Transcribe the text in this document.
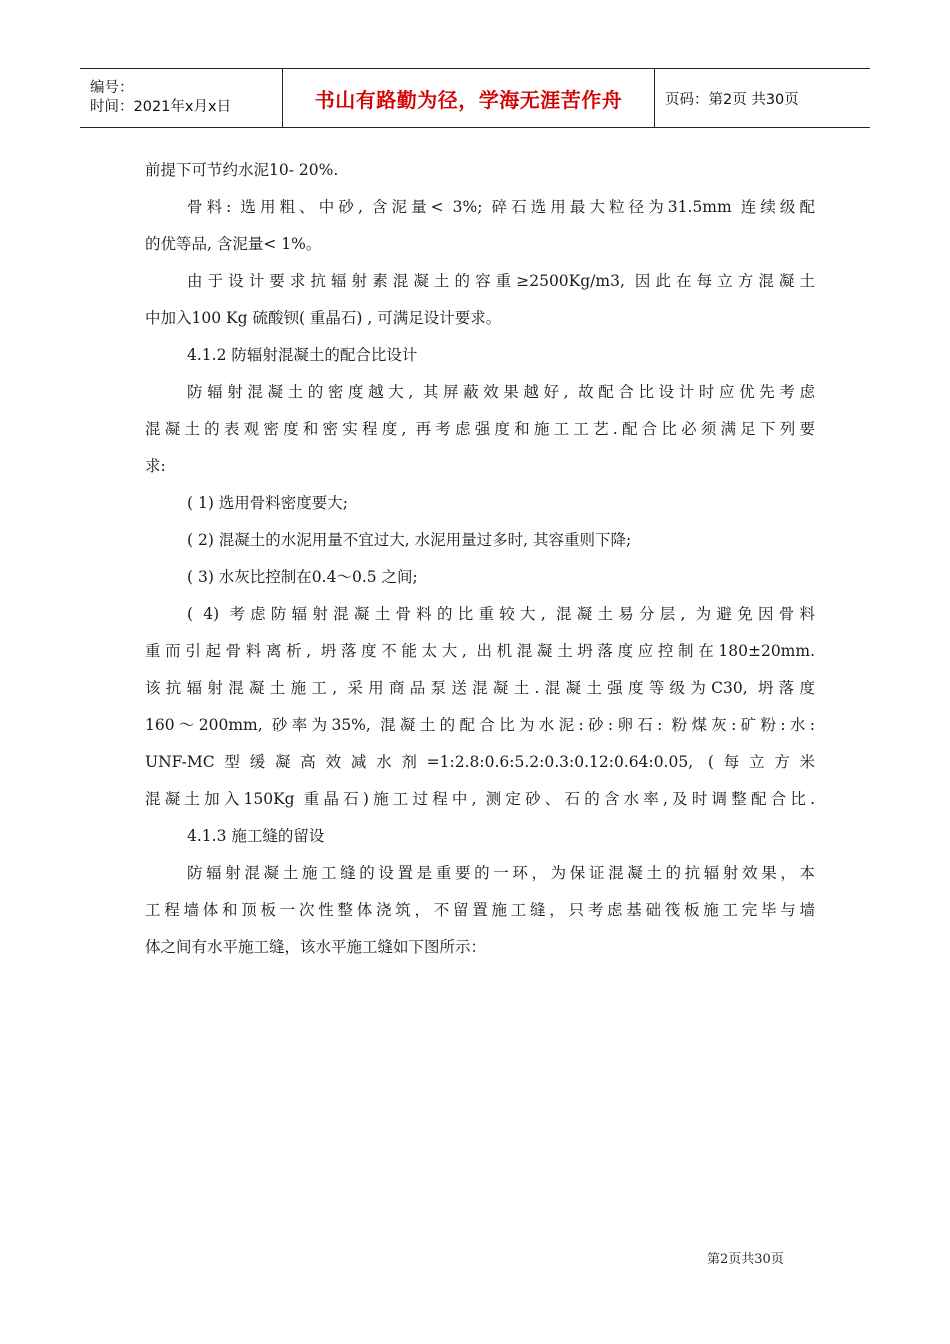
编号：
时间：2021年x月x日	书山有路勤为径，学海无涯苦作舟	页码：第2页 共30页
前提下可节约水泥10- 20%.
骨料: 选用粗、中砂, 含泥量< 3%; 碎石选用最大粒径为31.5mm 连续级配
的优等品, 含泥量< 1%。
由于设计要求抗辐射素混凝土的容重≥2500Kg/m3, 因此在每立方混凝土
中加入100 Kg 硫酸钡( 重晶石) , 可满足设计要求。
4.1.2 防辐射混凝土的配合比设计
防辐射混凝土的密度越大, 其屏蔽效果越好, 故配合比设计时应优先考虑
混凝土的表观密度和密实程度, 再考虑强度和施工工艺.配合比必须满足下列要
求:
( 1) 选用骨料密度要大;
( 2) 混凝土的水泥用量不宜过大, 水泥用量过多时, 其容重则下降;
( 3) 水灰比控制在0.4～0.5 之间;
( 4) 考虑防辐射混凝土骨料的比重较大, 混凝土易分层, 为避免因骨料
重而引起骨料离析, 坍落度不能太大, 出机混凝土坍落度应控制在180±20mm.
该抗辐射混凝土施工, 采用商品泵送混凝土.混凝土强度等级为C30, 坍落度
160～200mm, 砂率为35%, 混凝土的配合比为水泥:砂:卵石: 粉煤灰:矿粉:水:
UNF-MC型缓凝高效减水剂=1:2.8:0.6:5.2:0.3:0.12:0.64:0.05, (每立方米
混凝土加入150Kg 重晶石)施工过程中, 测定砂、石的含水率,及时调整配合比.
4.1.3 施工缝的留设
防辐射混凝土施工缝的设置是重要的一环，为保证混凝土的抗辐射效果，本
工程墙体和顶板一次性整体浇筑，不留置施工缝，只考虑基础筏板施工完毕与墙
体之间有水平施工缝，该水平施工缝如下图所示：
第2页共30页
